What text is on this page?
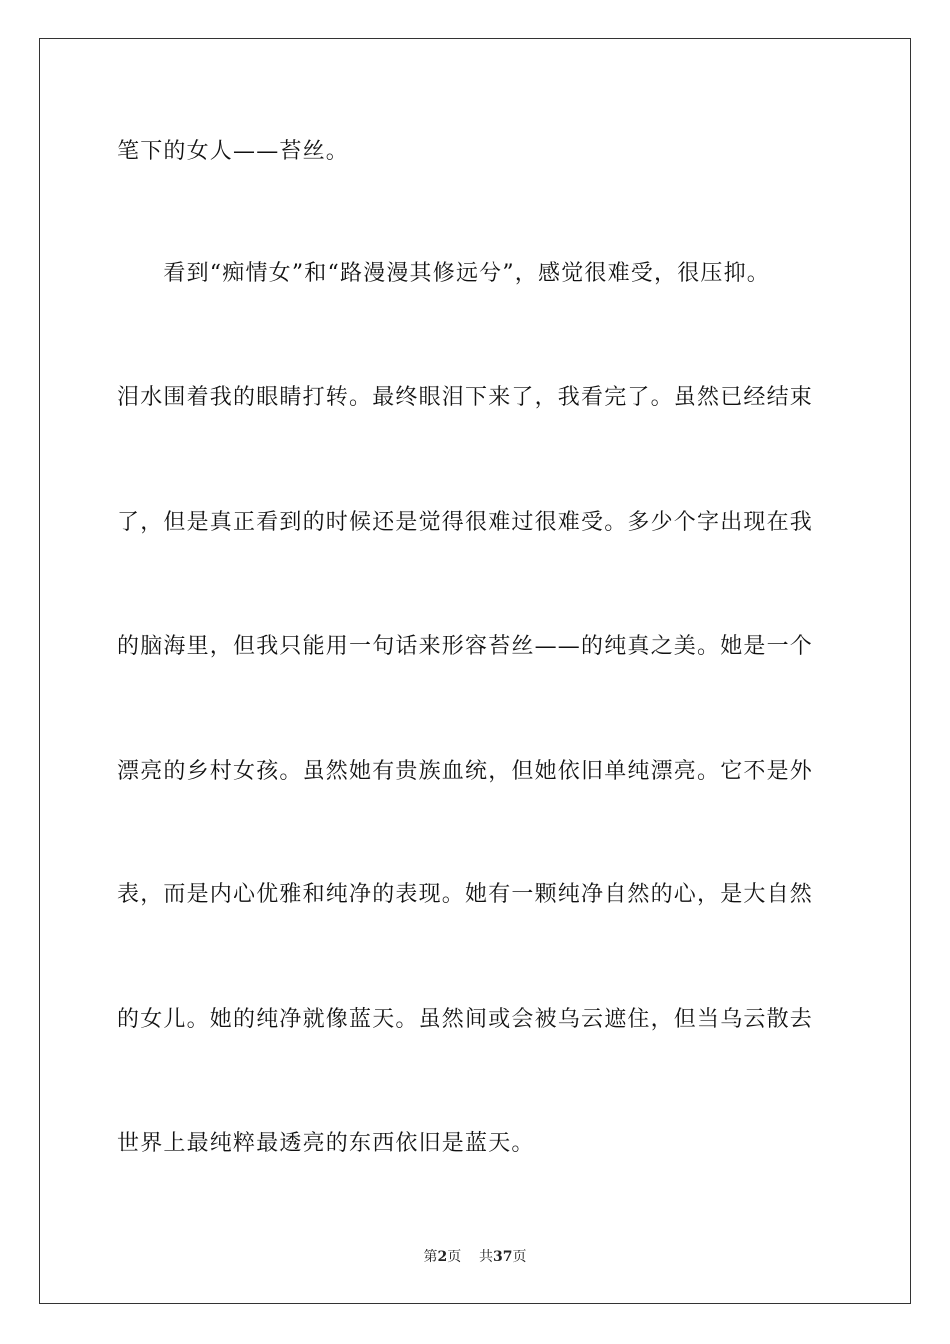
笔下的女人——苔丝。
　　看到“痴情女”和“路漫漫其修远兮”，感觉很难受，很压抑。
泪水围着我的眼睛打转。最终眼泪下来了，我看完了。虽然已经结束
了，但是真正看到的时候还是觉得很难过很难受。多少个字出现在我
的脑海里，但我只能用一句话来形容苔丝——的纯真之美。她是一个
漂亮的乡村女孩。虽然她有贵族血统，但她依旧单纯漂亮。它不是外
表，而是内心优雅和纯净的表现。她有一颗纯净自然的心，是大自然
的女儿。她的纯净就像蓝天。虽然间或会被乌云遮住，但当乌云散去
世界上最纯粹最透亮的东西依旧是蓝天。
第2页 共37页
